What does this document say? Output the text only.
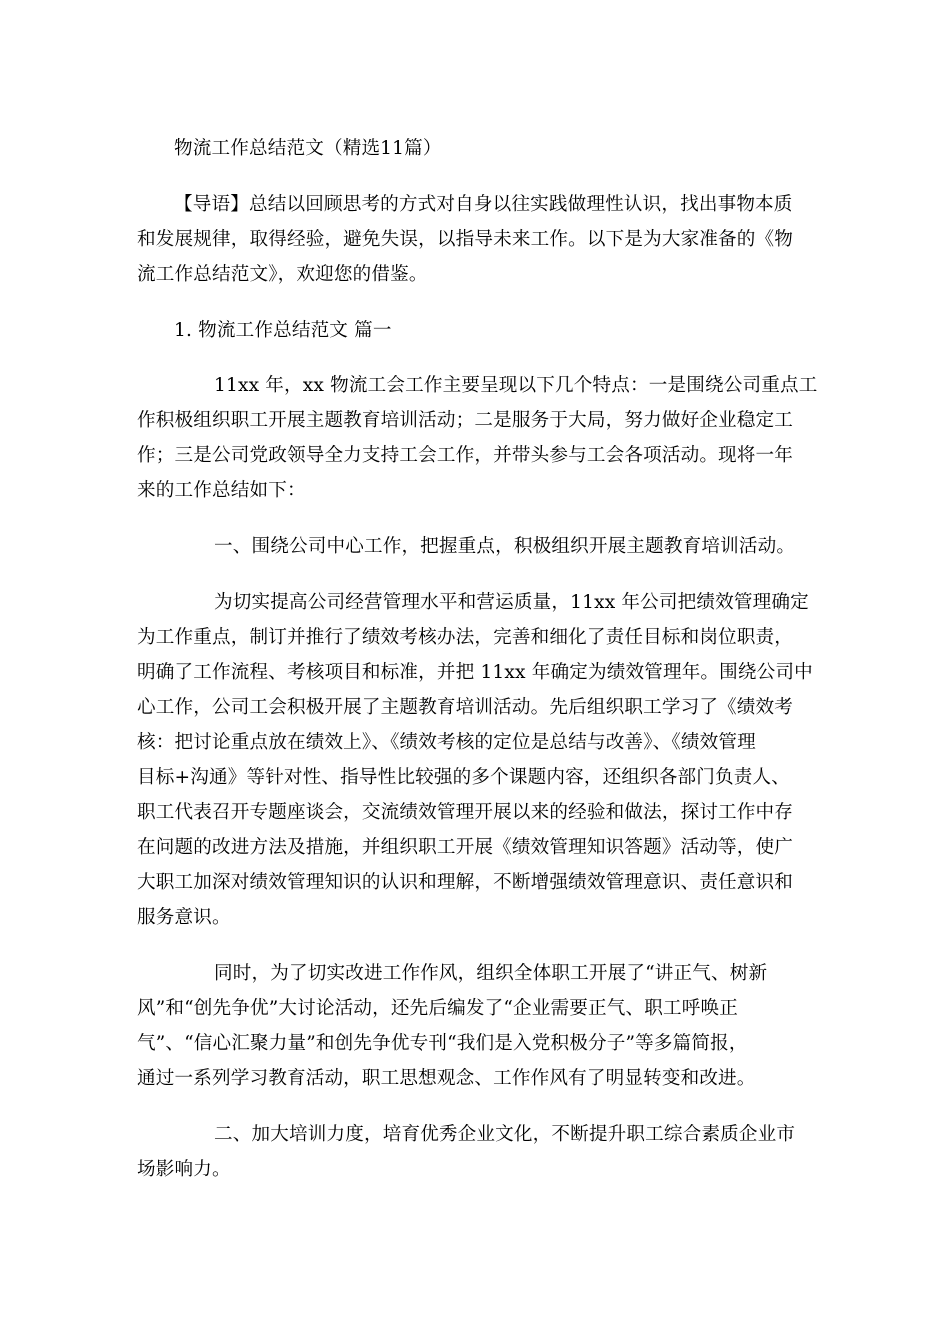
物流工作总结范文（精选11篇）
【导语】总结以回顾思考的方式对自身以往实践做理性认识，找出事物本质
和发展规律，取得经验，避免失误，以指导未来工作。以下是为大家准备的《物
流工作总结范文》，欢迎您的借鉴。
1. 物流工作总结范文 篇一
11xx 年，xx 物流工会工作主要呈现以下几个特点：一是围绕公司重点工
作积极组织职工开展主题教育培训活动；二是服务于大局，努力做好企业稳定工
作；三是公司党政领导全力支持工会工作，并带头参与工会各项活动。现将一年
来的工作总结如下：
一、围绕公司中心工作，把握重点，积极组织开展主题教育培训活动。
为切实提高公司经营管理水平和营运质量，11xx 年公司把绩效管理确定
为工作重点，制订并推行了绩效考核办法，完善和细化了责任目标和岗位职责，
明确了工作流程、考核项目和标准，并把 11xx 年确定为绩效管理年。围绕公司中
心工作，公司工会积极开展了主题教育培训活动。先后组织职工学习了《绩效考
核：把讨论重点放在绩效上》、《绩效考核的定位是总结与改善》、《绩效管理
目标+沟通》等针对性、指导性比较强的多个课题内容，还组织各部门负责人、
职工代表召开专题座谈会，交流绩效管理开展以来的经验和做法，探讨工作中存
在问题的改进方法及措施，并组织职工开展《绩效管理知识答题》活动等，使广
大职工加深对绩效管理知识的认识和理解，不断增强绩效管理意识、责任意识和
服务意识。
同时，为了切实改进工作作风，组织全体职工开展了“讲正气、树新
风”和“创先争优”大讨论活动，还先后编发了“企业需要正气、职工呼唤正
气”、“信心汇聚力量”和创先争优专刊“我们是入党积极分子”等多篇简报，
通过一系列学习教育活动，职工思想观念、工作作风有了明显转变和改进。
二、加大培训力度，培育优秀企业文化，不断提升职工综合素质企业市
场影响力。
